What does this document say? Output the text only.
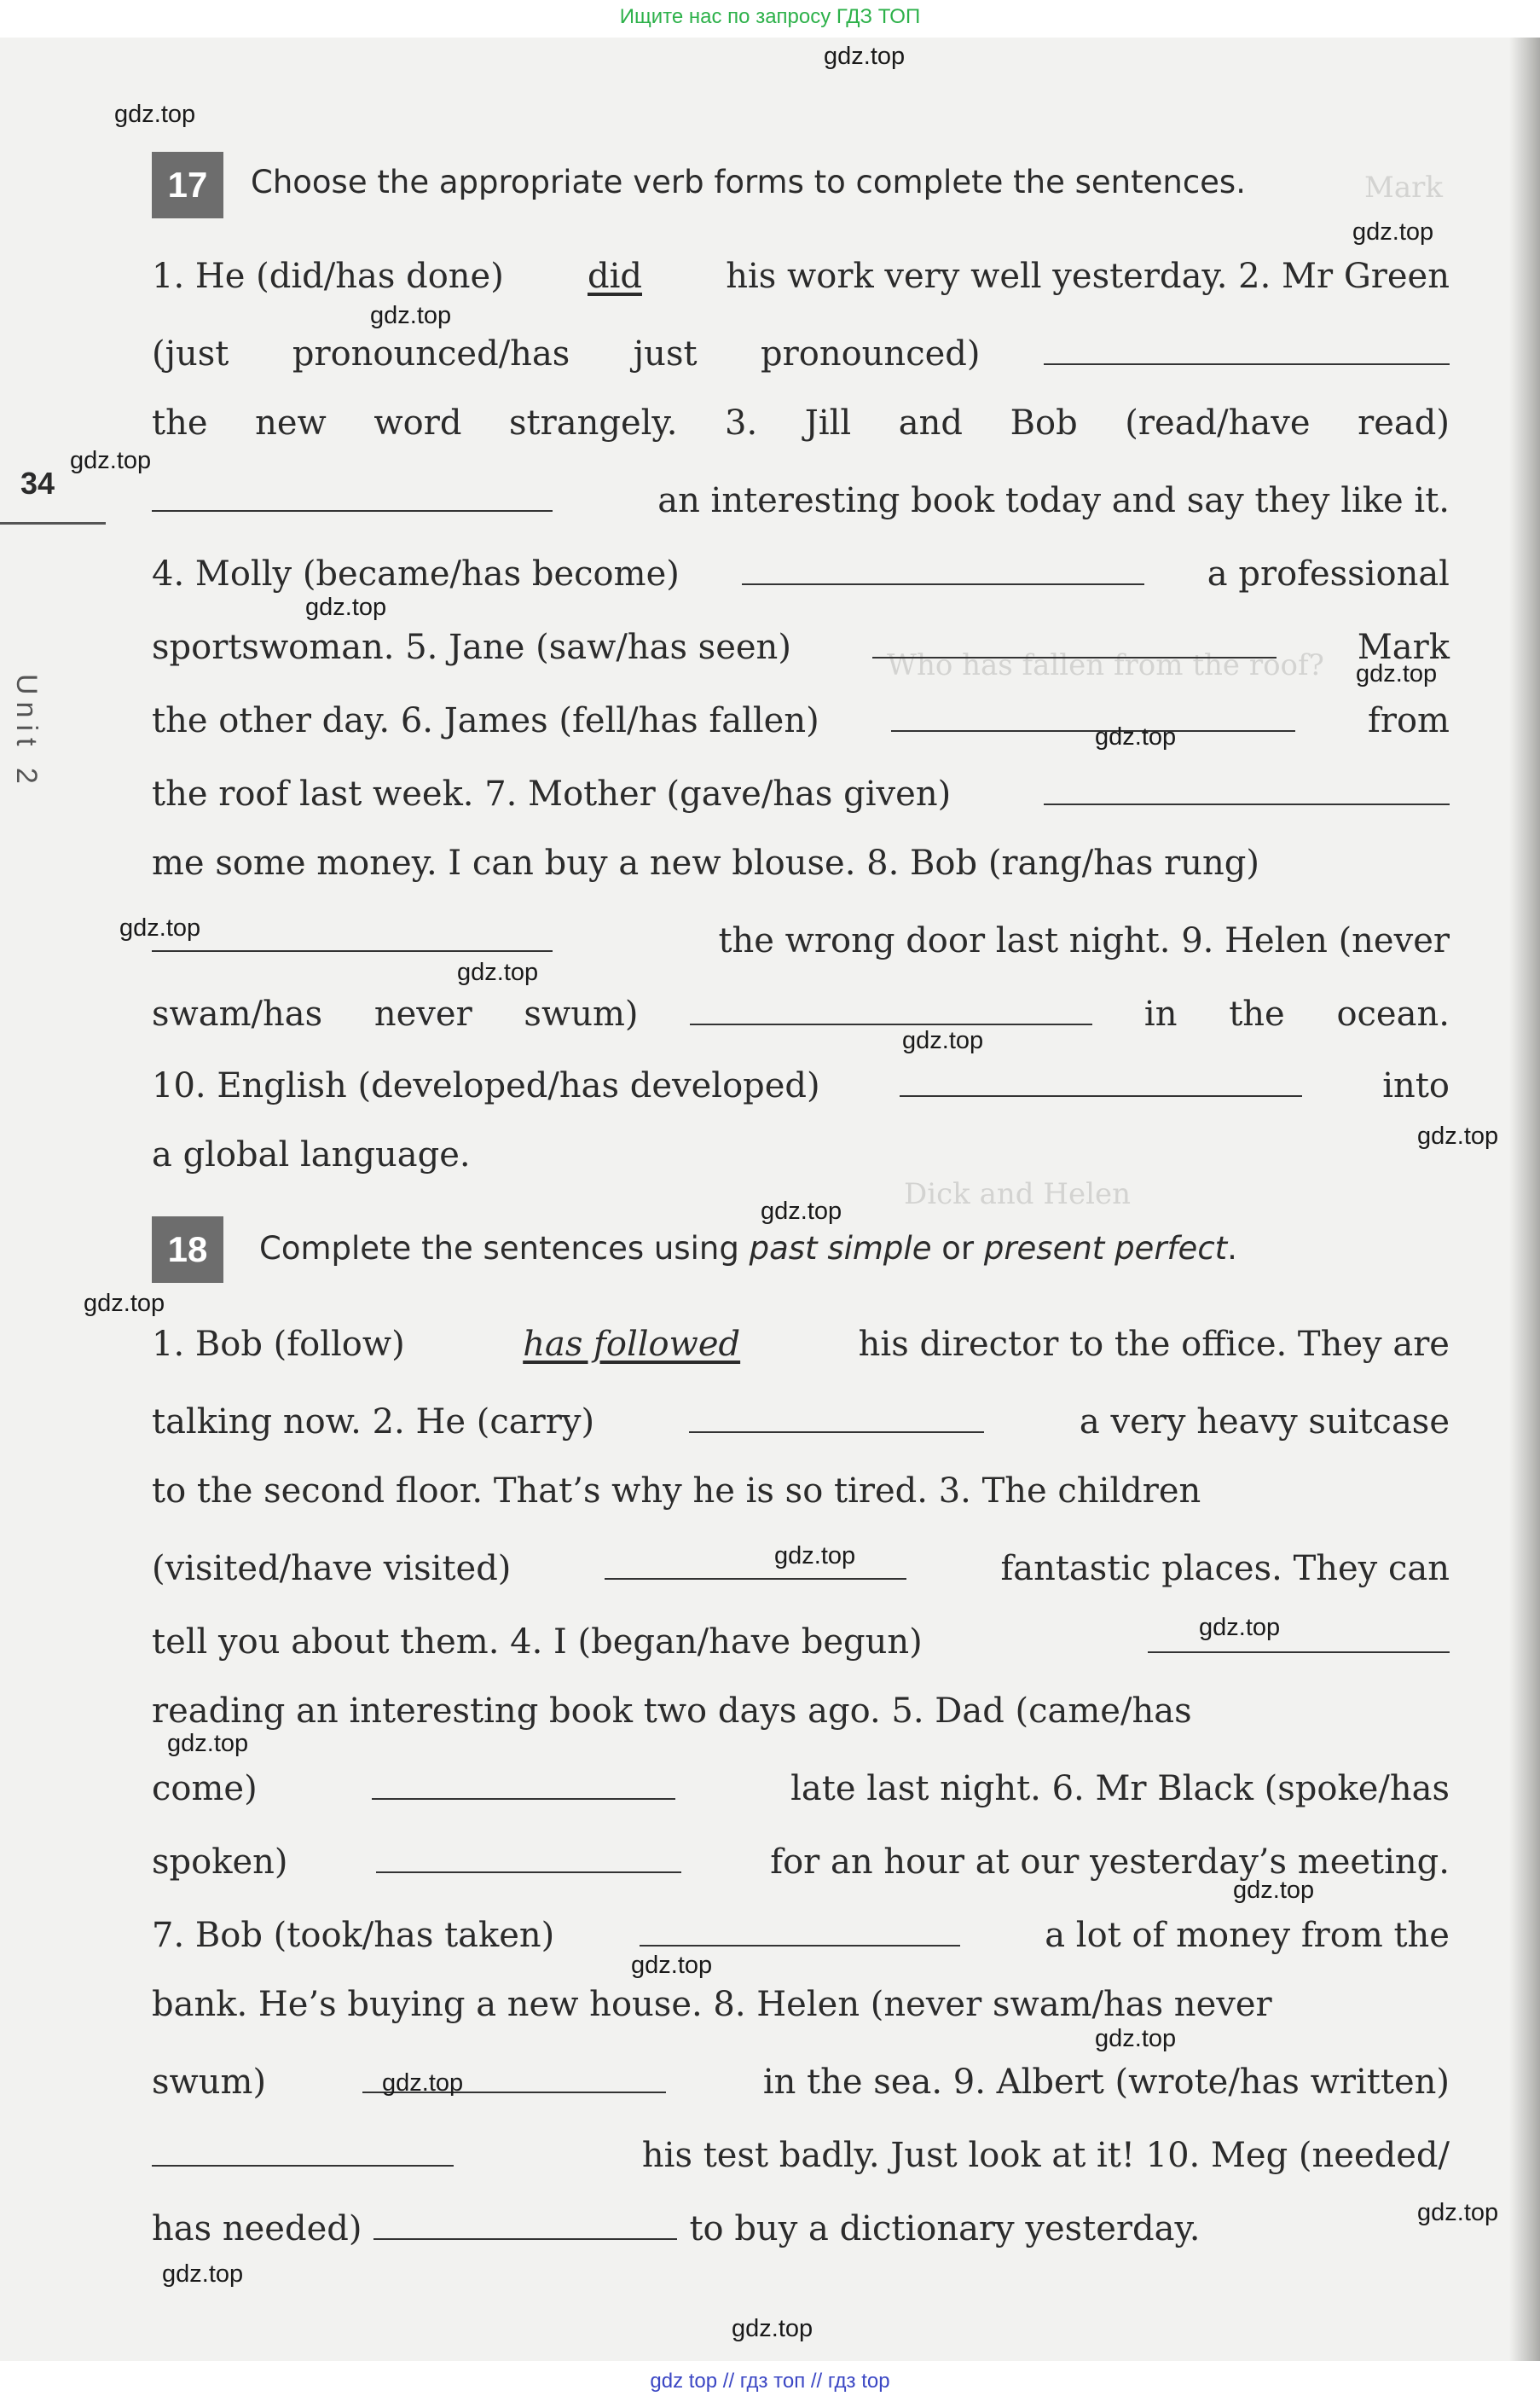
Ищите нас по запросу ГДЗ ТОП
Mark
Who has fallen from the roof?
Dick and Helen
34
Unit 2
17	Choose the appropriate verb forms to complete the sentences.
1. He (did/has done) did his work very well yesterday. 2. Mr Green
(just pronounced/has just pronounced)
the new word strangely. 3. Jill and Bob (read/have read)
an interesting book today and say they like it.
4. Molly (became/has become)	a professional
sportswoman. 5. Jane (saw/has seen)	Mark
the other day. 6. James (fell/has fallen)	from
the roof last week. 7. Mother (gave/has given)
me some money. I can buy a new blouse. 8. Bob (rang/has rung)
the wrong door last night. 9. Helen (never
swam/has never swum)	in the ocean.
10. English (developed/has developed)	into
a global language.
18	Complete the sentences using past simple or present perfect.
1. Bob (follow)	has followed	his director to the office. They are
talking now. 2. He (carry)	a very heavy suitcase
to the second floor. That’s why he is so tired. 3. The children
(visited/have visited)	fantastic places. They can
tell you about them. 4. I (began/have begun)
reading an interesting book two days ago. 5. Dad (came/has
come)	late last night. 6. Mr Black (spoke/has
spoken)	for an hour at our yesterday’s meeting.
7. Bob (took/has taken)	a lot of money from the
bank. He’s buying a new house. 8. Helen (never swam/has never
swum)	in the sea. 9. Albert (wrote/has written)
his test badly. Just look at it! 10. Meg (needed/
has needed)	to buy a dictionary yesterday.
gdz.top
gdz.top
gdz.top
gdz.top
gdz.top
gdz.top
gdz.top
gdz.top
gdz.top
gdz.top
gdz.top
gdz.top
gdz.top
gdz.top
gdz.top
gdz.top
gdz.top
gdz.top
gdz.top
gdz.top
gdz.top
gdz.top
gdz.top
gdz.top
gdz top // гдз топ // гдз top
